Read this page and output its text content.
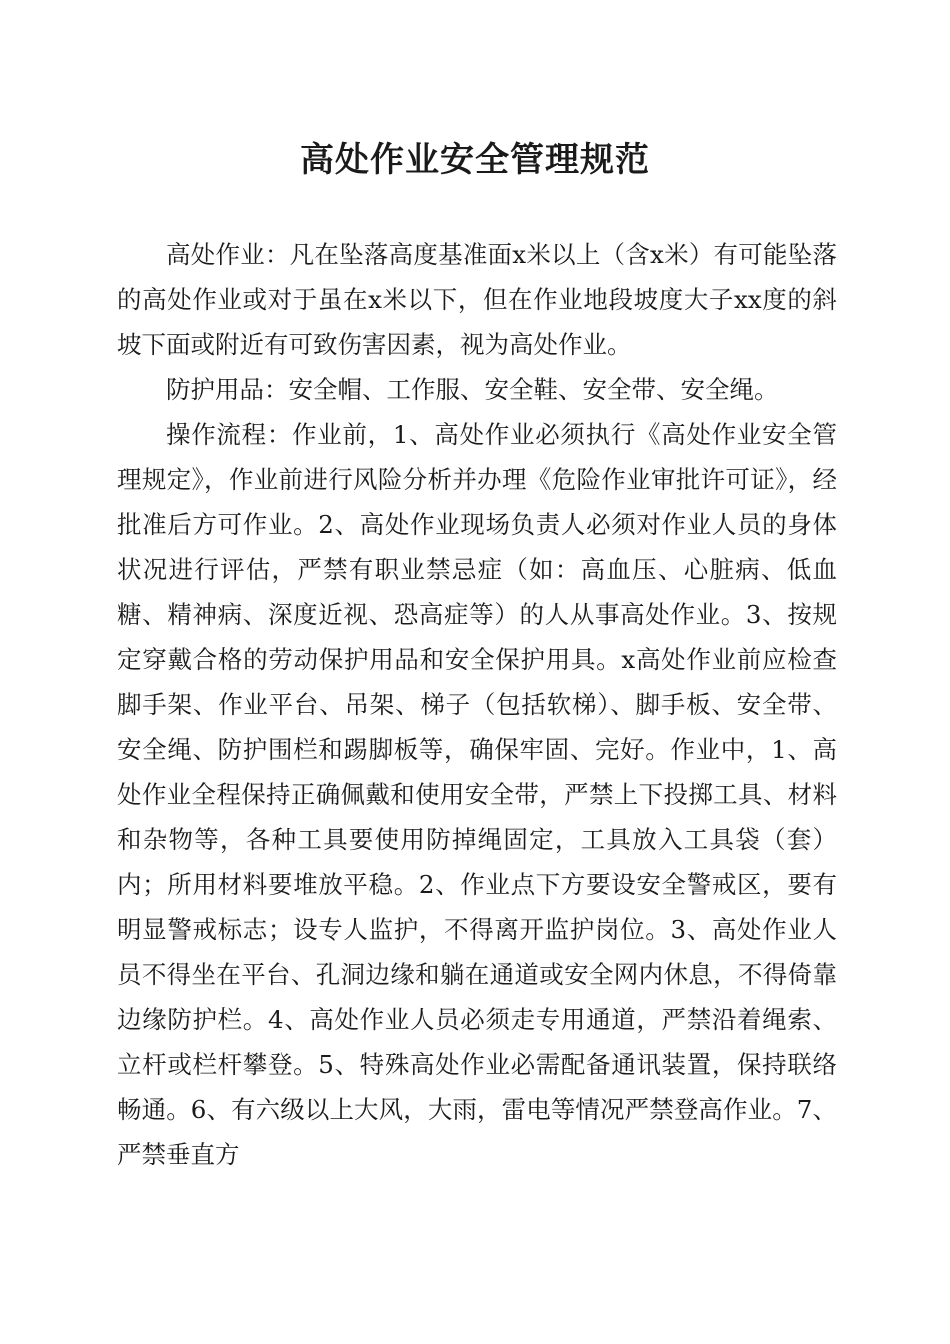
高处作业安全管理规范

高处作业：凡在坠落高度基准面x米以上（含x米）有可能坠落的高处作业或对于虽在x米以下，但在作业地段坡度大子xx度的斜坡下面或附近有可致伤害因素，视为高处作业。

防护用品：安全帽、工作服、安全鞋、安全带、安全绳。

操作流程：作业前，1、高处作业必须执行《高处作业安全管理规定》，作业前进行风险分析并办理《危险作业审批许可证》，经批准后方可作业。2、高处作业现场负责人必须对作业人员的身体状况进行评估，严禁有职业禁忌症（如：高血压、心脏病、低血糖、精神病、深度近视、恐高症等）的人从事高处作业。3、按规定穿戴合格的劳动保护用品和安全保护用具。x高处作业前应检查脚手架、作业平台、吊架、梯子（包括软梯）、脚手板、安全带、安全绳、防护围栏和踢脚板等，确保牢固、完好。作业中，1、高处作业全程保持正确佩戴和使用安全带，严禁上下投掷工具、材料和杂物等，各种工具要使用防掉绳固定，工具放入工具袋（套）内；所用材料要堆放平稳。2、作业点下方要设安全警戒区，要有明显警戒标志；设专人监护，不得离开监护岗位。3、高处作业人员不得坐在平台、孔洞边缘和躺在通道或安全网内休息，不得倚靠边缘防护栏。4、高处作业人员必须走专用通道，严禁沿着绳索、立杆或栏杆攀登。5、特殊高处作业必需配备通讯装置，保持联络畅通。6、有六级以上大风，大雨，雷电等情况严禁登高作业。7、严禁垂直方
